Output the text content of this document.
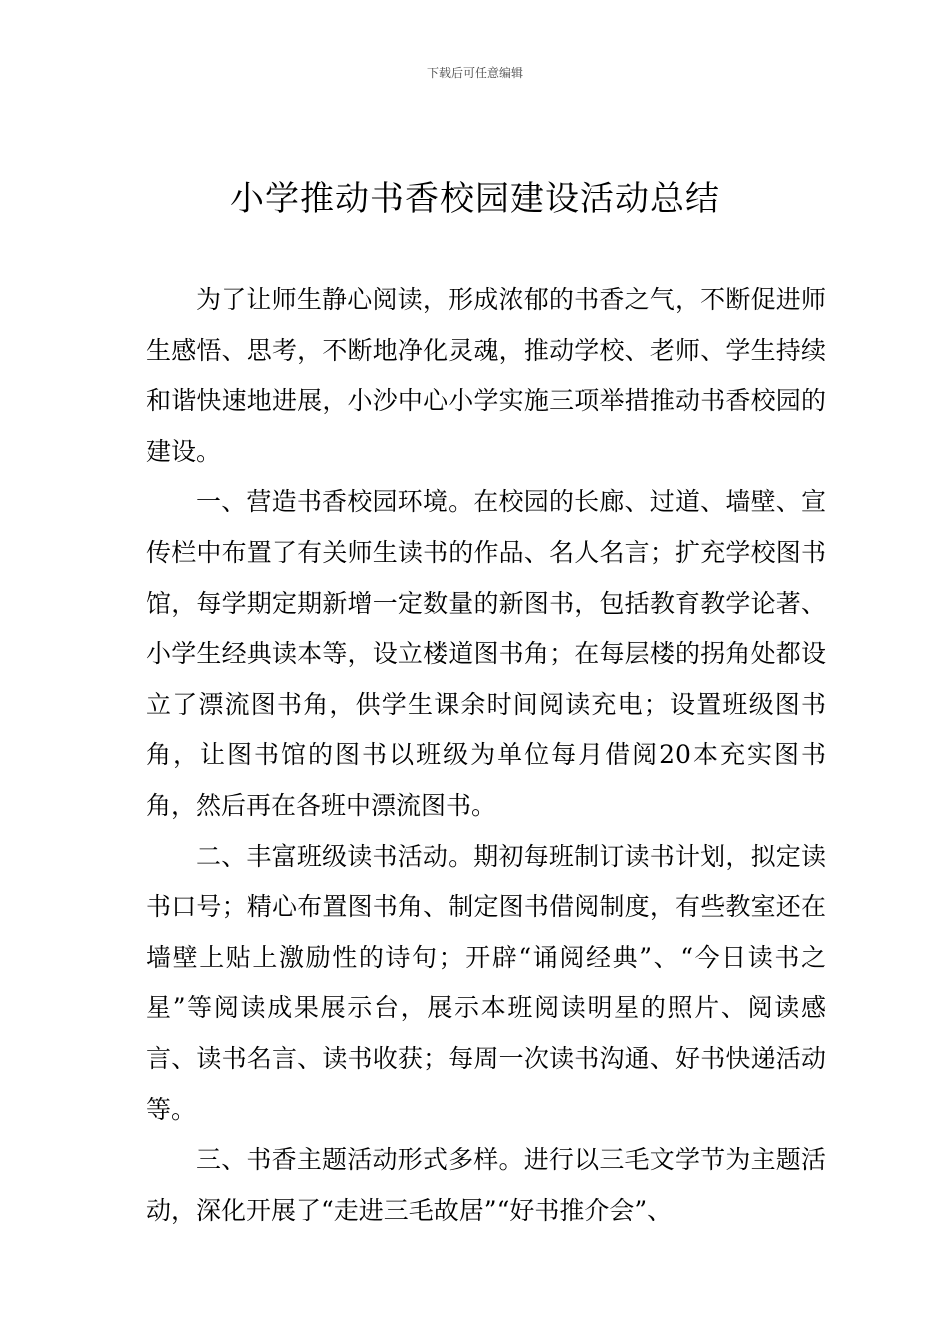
下载后可任意编辑
小学推动书香校园建设活动总结

为了让师生静心阅读，形成浓郁的书香之气，不断促进师生感悟、思考，不断地净化灵魂，推动学校、老师、学生持续和谐快速地进展，小沙中心小学实施三项举措推动书香校园的建设。

一、营造书香校园环境。在校园的长廊、过道、墙壁、宣传栏中布置了有关师生读书的作品、名人名言；扩充学校图书馆，每学期定期新增一定数量的新图书，包括教育教学论著、小学生经典读本等，设立楼道图书角；在每层楼的拐角处都设立了漂流图书角，供学生课余时间阅读充电；设置班级图书角，让图书馆的图书以班级为单位每月借阅20本充实图书角，然后再在各班中漂流图书。

二、丰富班级读书活动。期初每班制订读书计划，拟定读书口号；精心布置图书角、制定图书借阅制度，有些教室还在墙壁上贴上激励性的诗句；开辟“诵阅经典”、“今日读书之星”等阅读成果展示台，展示本班阅读明星的照片、阅读感言、读书名言、读书收获；每周一次读书沟通、好书快递活动等。

三、书香主题活动形式多样。进行以三毛文学节为主题活动，深化开展了“走进三毛故居”“好书推介会”、
